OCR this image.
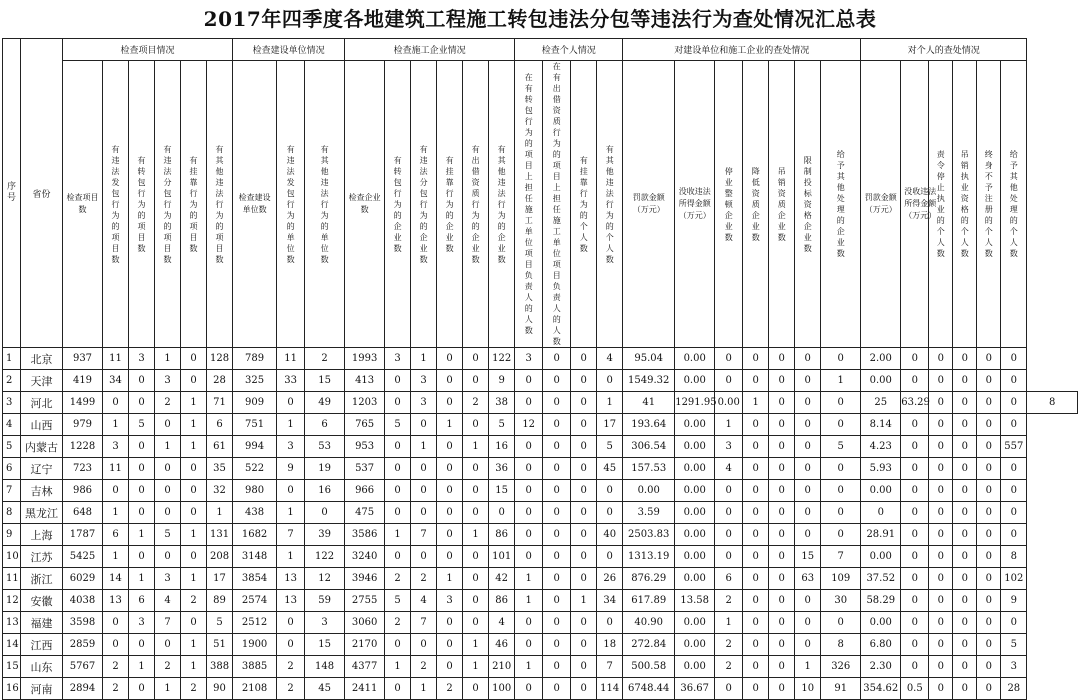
2017年四季度各地建筑工程施工转包违法分包等违法行为查处情况汇总表
序号	省份	检查项目情况						检查建设单位情况			检查施工企业情况						检查个人情况				对建设单位和施工企业的查处情况							对个人的查处情况						
		检查项目数	有违法发包行为的项目数	有转包行为的项目数	有违法分包行为的项目数	有挂靠行为的项目数	有其他违法行为的项目数	检查建设单位数	有违法发包行为的单位数	有其他违法行为的单位数	检查企业数	有转包行为的企业数	有违法分包行为的企业数	有挂靠行为的企业数	有出借资质行为的企业数	有其他违法行为的企业数	在有转包行为的项目上担任施工单位项目负责人的人数	在有出借资质行为的项目上担任施工单位项目负责人的人数	有挂靠行为的个人数	有其他违法行为的个人数	罚款金额（万元）	没收违法所得金额（万元）	停业整顿企业数	降低资质企业数	吊销资质企业数	限制投标资格企业数	给予其他处理的企业数	罚款金额（万元）	没收违法所得金额（万元）	责令停止执业的个人数	吊销执业资格的个人数	终身不予注册的个人数	给予其他处理的个人数	
1	北京	937	11	3	1	0	128	789	11	2	1993	3	1	0	0	122	3	0	0	4	95.04	0.00	0	0	0	0	0	2.00	0	0	0	0	0	
2	天津	419	34	0	3	0	28	325	33	15	413	0	3	0	0	9	0	0	0	0	1549.32	0.00	0	0	0	0	1	0.00	0	0	0	0	0	
3	河北	1499	0	0	2	1	71	909	0	49	1203	0	3	0	2	38	0	0	0	1	41	1291.95	0.00	1	0	0	0	25	63.29	0	0	0	0	8
4	山西	979	1	5	0	1	6	751	1	6	765	5	0	1	0	5	12	0	0	17	193.64	0.00	1	0	0	0	0	8.14	0	0	0	0	0	
5	内蒙古	1228	3	0	1	1	61	994	3	53	953	0	1	0	1	16	0	0	0	5	306.54	0.00	3	0	0	0	5	4.23	0	0	0	0	557	
6	辽宁	723	11	0	0	0	35	522	9	19	537	0	0	0	0	36	0	0	0	45	157.53	0.00	4	0	0	0	0	5.93	0	0	0	0	0	
7	吉林	986	0	0	0	0	32	980	0	16	966	0	0	0	0	15	0	0	0	0	0.00	0.00	0	0	0	0	0	0.00	0	0	0	0	0	
8	黑龙江	648	1	0	0	0	1	438	1	0	475	0	0	0	0	0	0	0	0	0	3.59	0.00	0	0	0	0	0	0	0	0	0	0	0	
9	上海	1787	6	1	5	1	131	1682	7	39	3586	1	7	0	1	86	0	0	0	40	2503.83	0.00	0	0	0	0	0	28.91	0	0	0	0	0	
10	江苏	5425	1	0	0	0	208	3148	1	122	3240	0	0	0	0	101	0	0	0	0	1313.19	0.00	0	0	0	15	7	0.00	0	0	0	0	8	
11	浙江	6029	14	1	3	1	17	3854	13	12	3946	2	2	1	0	42	1	0	0	26	876.29	0.00	6	0	0	63	109	37.52	0	0	0	0	102	
12	安徽	4038	13	6	4	2	89	2574	13	59	2755	5	4	3	0	86	1	0	1	34	617.89	13.58	2	0	0	0	30	58.29	0	0	0	0	9	
13	福建	3598	0	3	7	0	5	2512	0	3	3060	2	7	0	0	4	0	0	0	0	40.90	0.00	1	0	0	0	0	0.00	0	0	0	0	0	
14	江西	2859	0	0	0	1	51	1900	0	15	2170	0	0	0	1	46	0	0	0	18	272.84	0.00	2	0	0	0	8	6.80	0	0	0	0	5	
15	山东	5767	2	1	2	1	388	3885	2	148	4377	1	2	0	1	210	1	0	0	7	500.58	0.00	2	0	0	1	326	2.30	0	0	0	0	3	
16	河南	2894	2	0	1	2	90	2108	2	45	2411	0	1	2	0	100	0	0	0	114	6748.44	36.67	0	0	0	10	91	354.62	0.5	0	0	0	28	
